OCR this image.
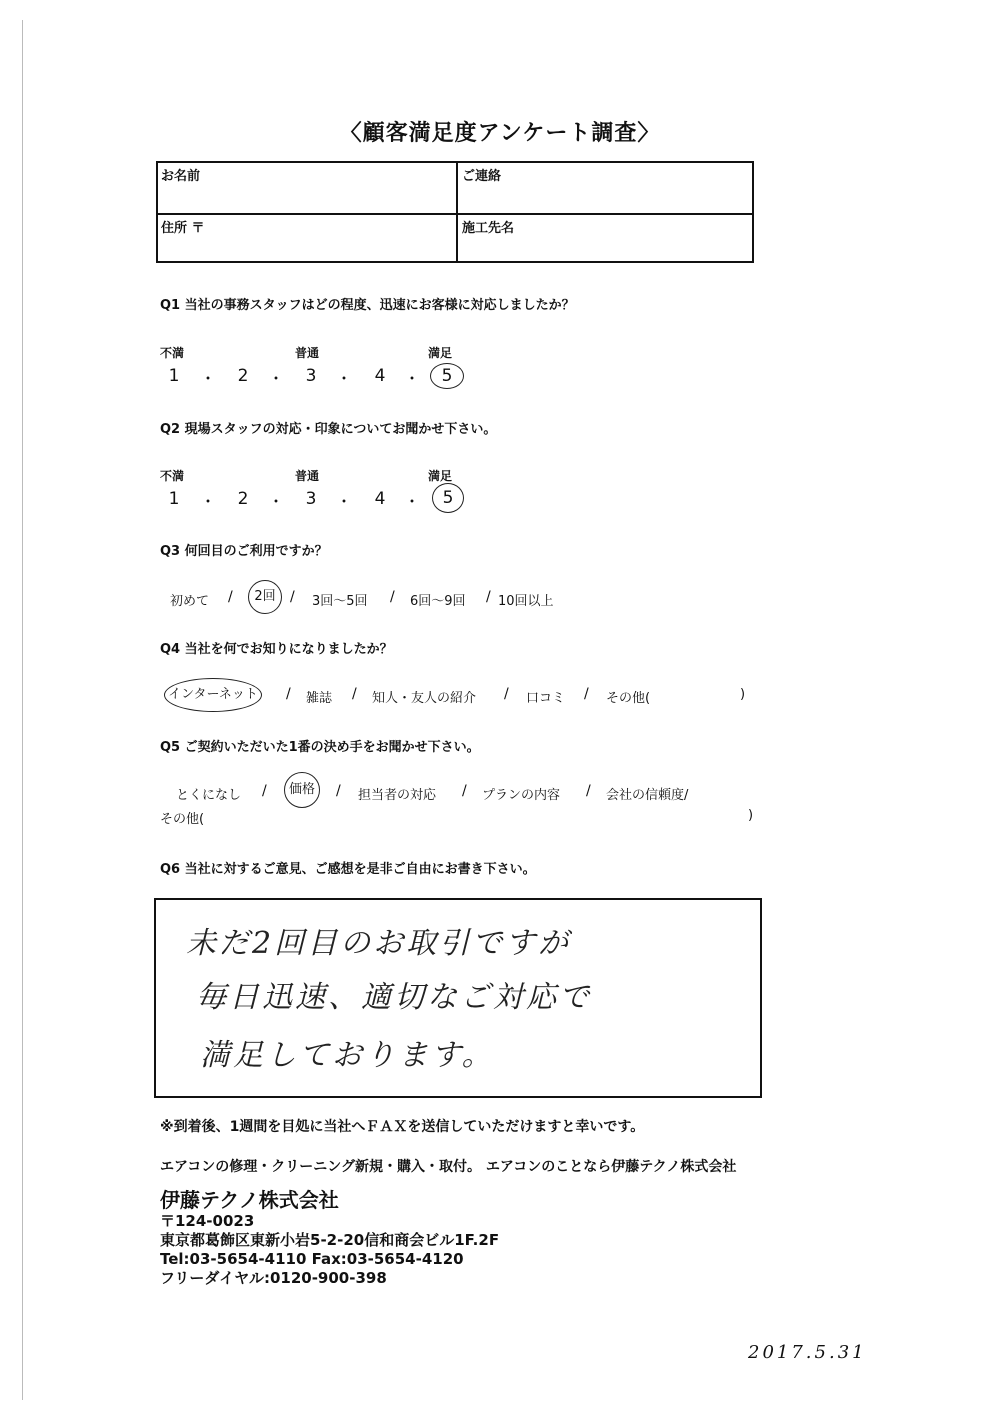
〈顧客満足度アンケート調査〉
お名前	ご連絡
住所 〒	施工先名
Q1 当社の事務スタッフはどの程度、迅速にお客様に対応しましたか？
不満	普通	満足
1	・	2	・	3	・	4	・	5
Q2 現場スタッフの対応・印象についてお聞かせ下さい。
不満	普通	満足
1	・	2	・	3	・	4	・	5
Q3 何回目のご利用ですか？
初めて /	2回	/ 3回～5回 / 6回～9回 / 10回以上
Q4 当社を何でお知りになりましたか？
インターネット / 雑誌 / 知人・友人の紹介 / 口コミ / その他(	)
Q5 ご契約いただいた1番の決め手をお聞かせ下さい。
とくになし /	価格	/ 担当者の対応 / プランの内容 / 会社の信頼度/
その他(	)
Q6 当社に対するご意見、ご感想を是非ご自由にお書き下さい。
未だ2回目のお取引ですが
毎日迅速、適切なご対応で
満足しております。
※到着後、1週間を目処に当社へＦＡＸを送信していただけますと幸いです。
エアコンの修理・クリーニング新規・購入・取付。 エアコンのことなら伊藤テクノ株式会社
伊藤テクノ株式会社
〒124-0023
東京都葛飾区東新小岩5-2-20信和商会ビル1F.2F
Tel:03-5654-4110 Fax:03-5654-4120
フリーダイヤル:0120-900-398
2017.5.31
